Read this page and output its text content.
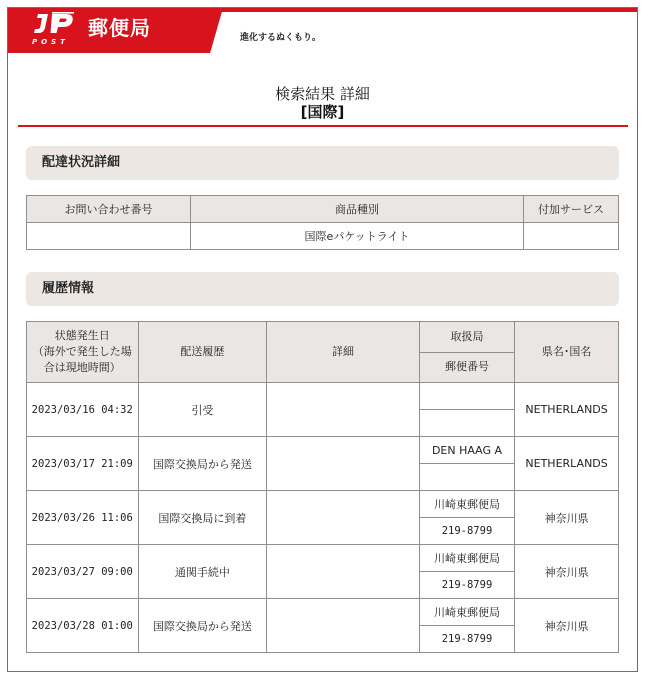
POST
郵便局	進化するぬくもり。
検索結果 詳細
[国際]
配達状況詳細
お問い合わせ番号	商品種別	付加サービス
	国際eパケットライト	
履歴情報
状態発生日
（海外で発生した場
合は現地時間）	配送履歴	詳細	取扱局	県名･国名
			郵便番号	
2023/03/16 04:32	引受			NETHERLANDS

2023/03/17 21:09	国際交換局から発送		DEN HAAG A	NETHERLANDS

2023/03/26 11:06	国際交換局に到着		川崎東郵便局	神奈川県
			219-8799	
2023/03/27 09:00	通関手続中		川崎東郵便局	神奈川県
			219-8799	
2023/03/28 01:00	国際交換局から発送		川崎東郵便局	神奈川県
			219-8799	
